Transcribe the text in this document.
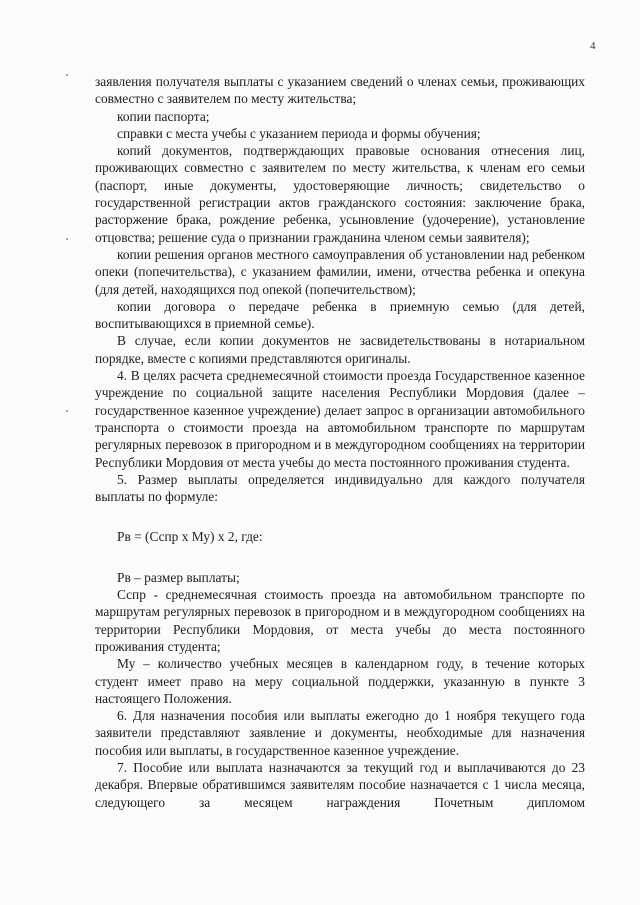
4

заявления получателя выплаты с указанием сведений о членах семьи, проживающих совместно с заявителем по месту жительства;

копии паспорта;

справки с места учебы с указанием периода и формы обучения;

копий документов, подтверждающих правовые основания отнесения лиц, проживающих совместно с заявителем по месту жительства, к членам его семьи (паспорт, иные документы, удостоверяющие личность; свидетельство о государственной регистрации актов гражданского состояния: заключение брака, расторжение брака, рождение ребенка, усыновление (удочерение), установление отцовства; решение суда о признании гражданина членом семьи заявителя);

копии решения органов местного самоуправления об установлении над ребенком опеки (попечительства), с указанием фамилии, имени, отчества ребенка и опекуна (для детей, находящихся под опекой (попечительством);

копии договора о передаче ребенка в приемную семью (для детей, воспитывающихся в приемной семье).

В случае, если копии документов не засвидетельствованы в нотариальном порядке, вместе с копиями представляются оригиналы.

4. В целях расчета среднемесячной стоимости проезда Государственное казенное учреждение по социальной защите населения Республики Мордовия (далее – государственное казенное учреждение) делает запрос в организации автомобильного транспорта о стоимости проезда на автомобильном транспорте по маршрутам регулярных перевозок в пригородном и в междугородном сообщениях на территории Республики Мордовия от места учебы до места постоянного проживания студента.

5. Размер выплаты определяется индивидуально для каждого получателя выплаты по формуле:

Рв = (Сспр х Му) х 2, где:

Рв – размер выплаты;

Сспр - среднемесячная стоимость проезда на автомобильном транспорте по маршрутам регулярных перевозок в пригородном и в междугородном сообщениях на территории Республики Мордовия, от места учебы до места постоянного проживания студента;

Му – количество учебных месяцев в календарном году, в течение которых студент имеет право на меру социальной поддержки, указанную в пункте 3 настоящего Положения.

6. Для назначения пособия или выплаты ежегодно до 1 ноября текущего года заявители представляют заявление и документы, необходимые для назначения пособия или выплаты, в государственное казенное учреждение.

7. Пособие или выплата назначаются за текущий год и выплачиваются до 23 декабря. Впервые обратившимся заявителям пособие назначается с 1 числа месяца, следующего за месяцем награждения Почетным дипломом
